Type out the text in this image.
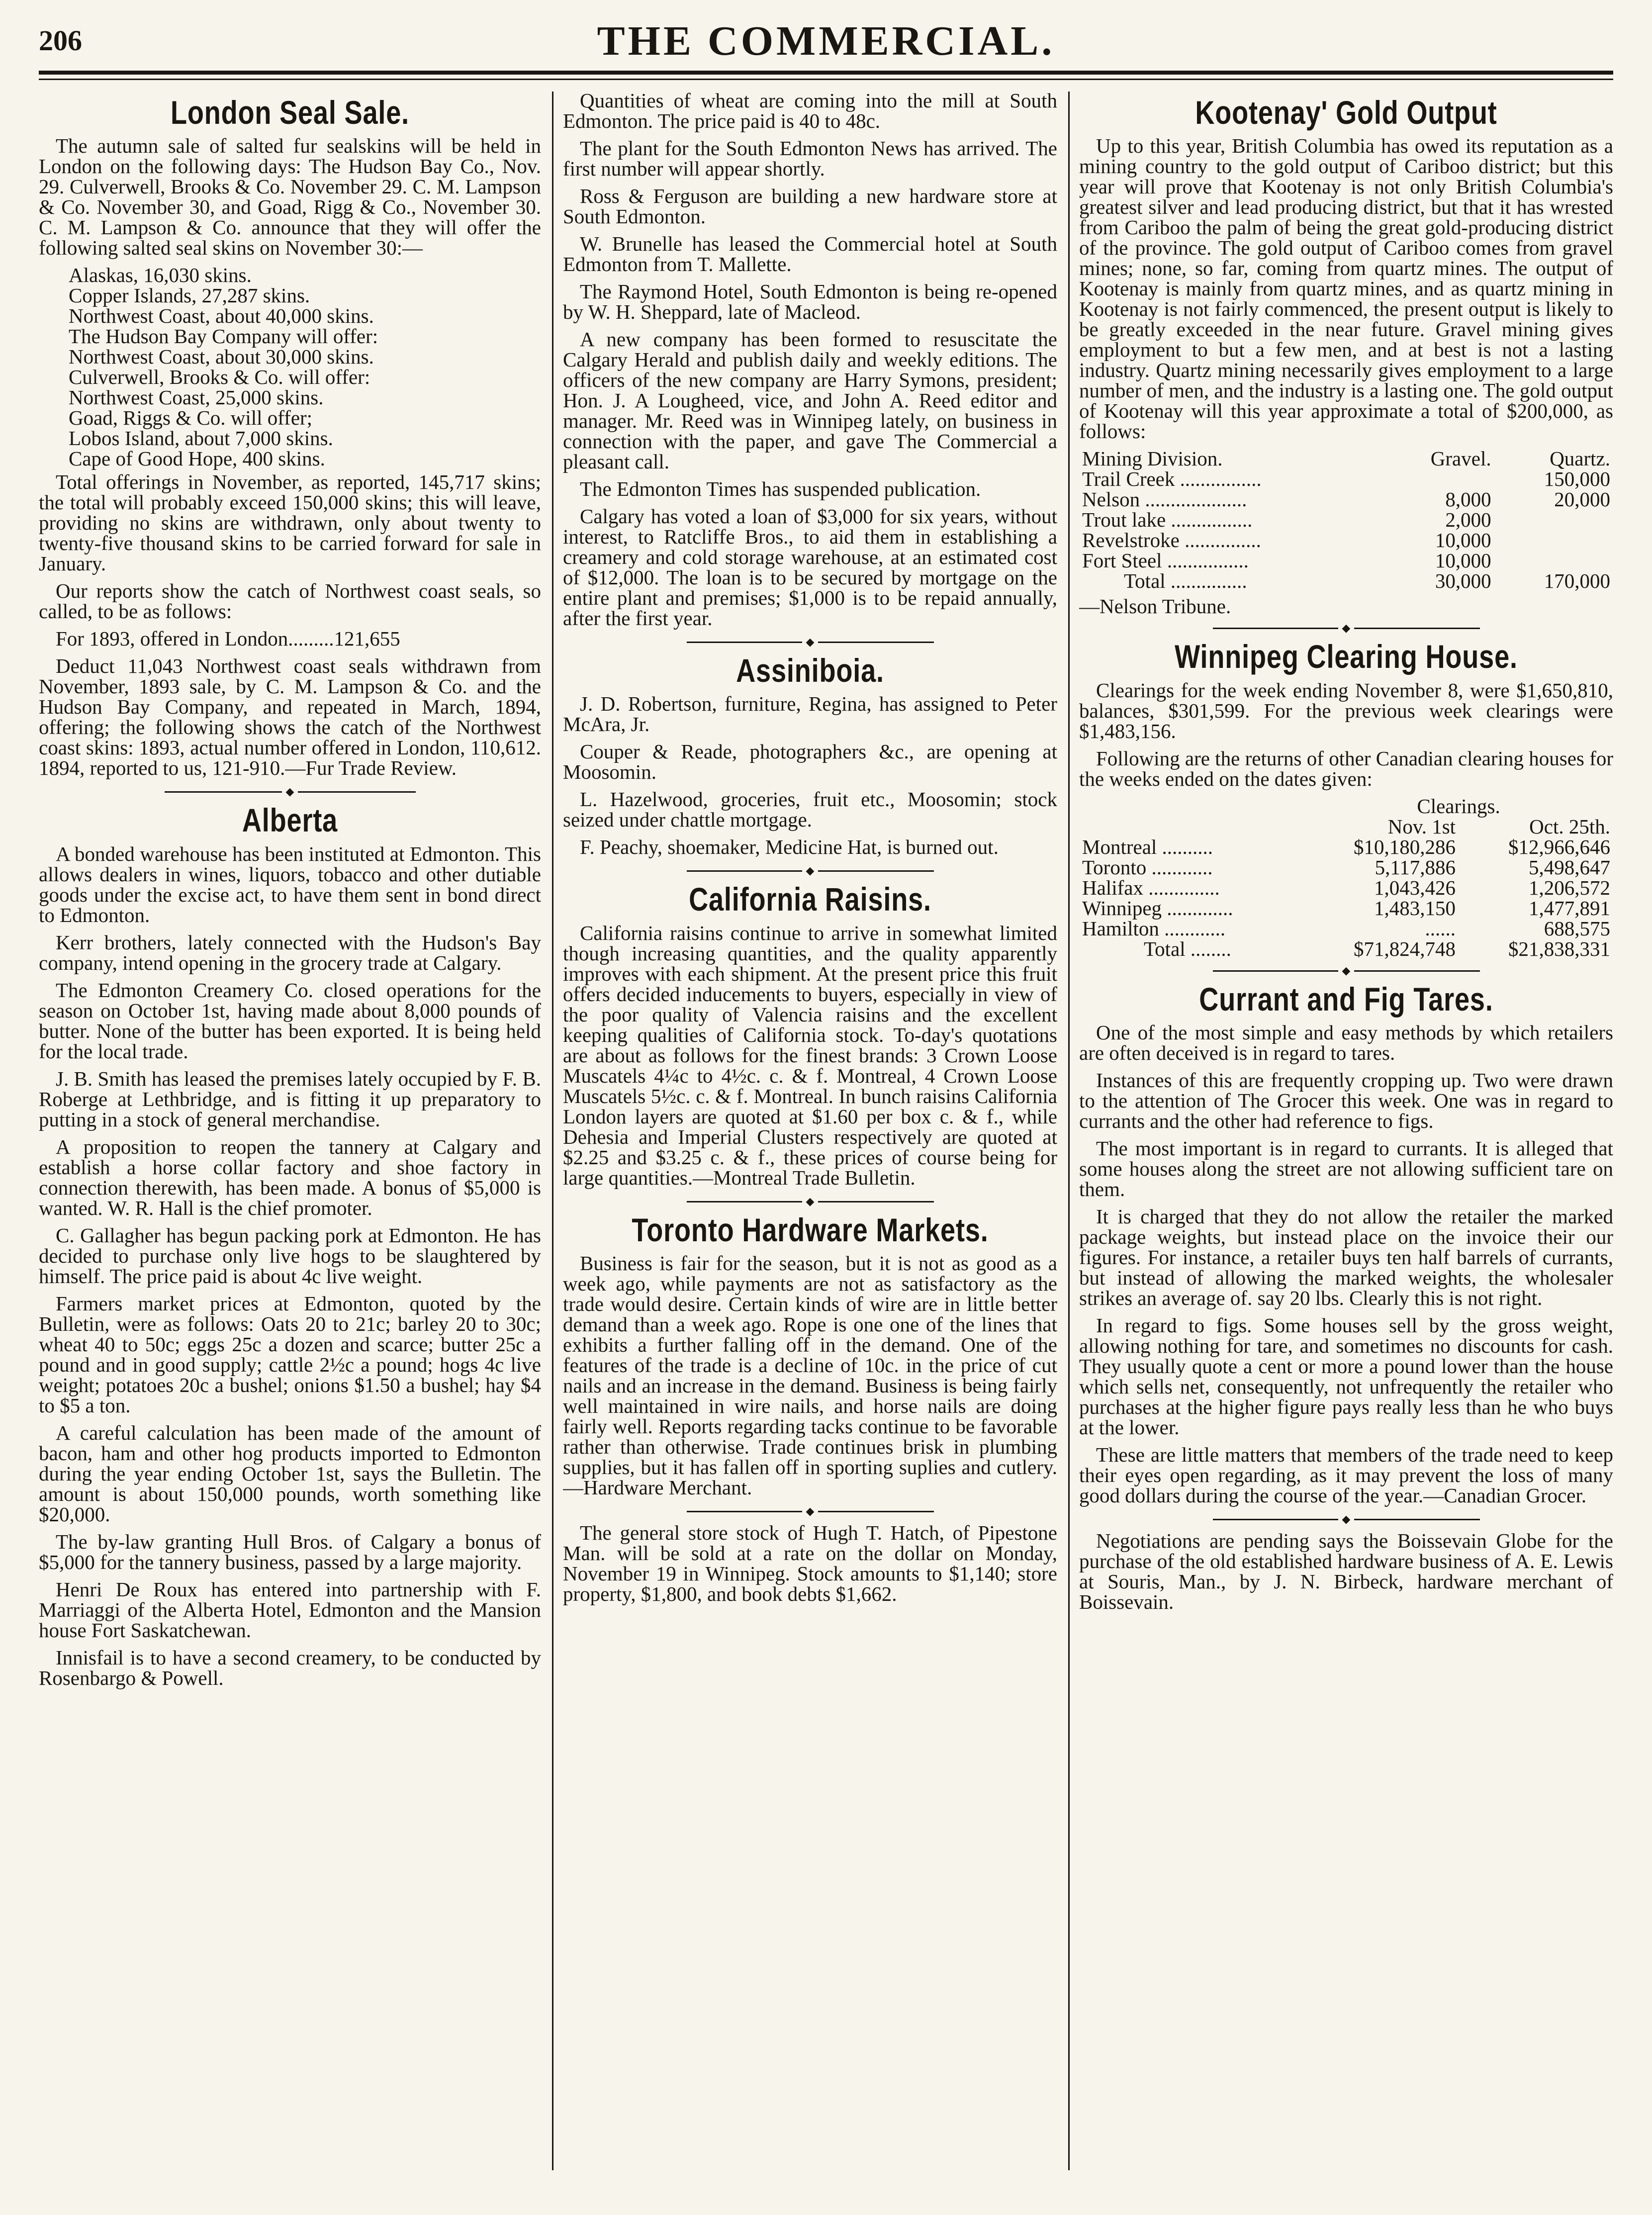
206	THE COMMERCIAL.
London Seal Sale.

The autumn sale of salted fur sealskins will be held in London on the following days: The Hudson Bay Co., Nov. 29. Culverwell, Brooks & Co. November 29. C. M. Lampson & Co. November 30, and Goad, Rigg & Co., November 30. C. M. Lampson & Co. announce that they will offer the following salted seal skins on November 30:—

Alaskas, 16,030 skins.
Copper Islands, 27,287 skins.
Northwest Coast, about 40,000 skins.
The Hudson Bay Company will offer:
Northwest Coast, about 30,000 skins.
Culverwell, Brooks & Co. will offer:
Northwest Coast, 25,000 skins.
Goad, Riggs & Co. will offer;
Lobos Island, about 7,000 skins.
Cape of Good Hope, 400 skins.

Total offerings in November, as reported, 145,717 skins; the total will probably exceed 150,000 skins; this will leave, providing no skins are withdrawn, only about twenty to twenty-five thousand skins to be carried forward for sale in January.

Our reports show the catch of Northwest coast seals, so called, to be as follows:

For 1893, offered in London.........121,655

Deduct 11,043 Northwest coast seals withdrawn from November, 1893 sale, by C. M. Lampson & Co. and the Hudson Bay Company, and repeated in March, 1894, offering; the following shows the catch of the Northwest coast skins: 1893, actual number offered in London, 110,612. 1894, reported to us, 121-910.—Fur Trade Review.

◆
Alberta

A bonded warehouse has been instituted at Edmonton. This allows dealers in wines, liquors, tobacco and other dutiable goods under the excise act, to have them sent in bond direct to Edmonton.

Kerr brothers, lately connected with the Hudson's Bay company, intend opening in the grocery trade at Calgary.

The Edmonton Creamery Co. closed operations for the season on October 1st, having made about 8,000 pounds of butter. None of the butter has been exported. It is being held for the local trade.

J. B. Smith has leased the premises lately occupied by F. B. Roberge at Lethbridge, and is fitting it up preparatory to putting in a stock of general merchandise.

A proposition to reopen the tannery at Calgary and establish a horse collar factory and shoe factory in connection therewith, has been made. A bonus of $5,000 is wanted. W. R. Hall is the chief promoter.

C. Gallagher has begun packing pork at Edmonton. He has decided to purchase only live hogs to be slaughtered by himself. The price paid is about 4c live weight.

Farmers market prices at Edmonton, quoted by the Bulletin, were as follows: Oats 20 to 21c; barley 20 to 30c; wheat 40 to 50c; eggs 25c a dozen and scarce; butter 25c a pound and in good supply; cattle 2½c a pound; hogs 4c live weight; potatoes 20c a bushel; onions $1.50 a bushel; hay $4 to $5 a ton.

A careful calculation has been made of the amount of bacon, ham and other hog products imported to Edmonton during the year ending October 1st, says the Bulletin. The amount is about 150,000 pounds, worth something like $20,000.

The by-law granting Hull Bros. of Calgary a bonus of $5,000 for the tannery business, passed by a large majority.

Henri De Roux has entered into partnership with F. Marriaggi of the Alberta Hotel, Edmonton and the Mansion house Fort Saskatchewan.

Innisfail is to have a second creamery, to be conducted by Rosenbargo & Powell.

Quantities of wheat are coming into the mill at South Edmonton. The price paid is 40 to 48c.

The plant for the South Edmonton News has arrived. The first number will appear shortly.

Ross & Ferguson are building a new hardware store at South Edmonton.

W. Brunelle has leased the Commercial hotel at South Edmonton from T. Mallette.

The Raymond Hotel, South Edmonton is being re-opened by W. H. Sheppard, late of Macleod.

A new company has been formed to resuscitate the Calgary Herald and publish daily and weekly editions. The officers of the new company are Harry Symons, president; Hon. J. A Lougheed, vice, and John A. Reed editor and manager. Mr. Reed was in Winnipeg lately, on business in connection with the paper, and gave The Commercial a pleasant call.

The Edmonton Times has suspended publication.

Calgary has voted a loan of $3,000 for six years, without interest, to Ratcliffe Bros., to aid them in establishing a creamery and cold storage warehouse, at an estimated cost of $12,000. The loan is to be secured by mortgage on the entire plant and premises; $1,000 is to be repaid annually, after the first year.

◆
Assiniboia.

J. D. Robertson, furniture, Regina, has assigned to Peter McAra, Jr.

Couper & Reade, photographers &c., are opening at Moosomin.

L. Hazelwood, groceries, fruit etc., Moosomin; stock seized under chattle mortgage.

F. Peachy, shoemaker, Medicine Hat, is burned out.

◆
California Raisins.

California raisins continue to arrive in somewhat limited though increasing quantities, and the quality apparently improves with each shipment. At the present price this fruit offers decided inducements to buyers, especially in view of the poor quality of Valencia raisins and the excellent keeping qualities of California stock. To-day's quotations are about as follows for the finest brands: 3 Crown Loose Muscatels 4¼c to 4½c. c. & f. Montreal, 4 Crown Loose Muscatels 5½c. c. & f. Montreal. In bunch raisins California London layers are quoted at $1.60 per box c. & f., while Dehesia and Imperial Clusters respectively are quoted at $2.25 and $3.25 c. & f., these prices of course being for large quantities.—Montreal Trade Bulletin.

◆
Toronto Hardware Markets.

Business is fair for the season, but it is not as good as a week ago, while payments are not as satisfactory as the trade would desire. Certain kinds of wire are in little better demand than a week ago. Rope is one one of the lines that exhibits a further falling off in the demand. One of the features of the trade is a decline of 10c. in the price of cut nails and an increase in the demand. Business is being fairly well maintained in wire nails, and horse nails are doing fairly well. Reports regarding tacks continue to be favorable rather than otherwise. Trade continues brisk in plumbing supplies, but it has fallen off in sporting suplies and cutlery.—Hardware Merchant.

◆

The general store stock of Hugh T. Hatch, of Pipestone Man. will be sold at a rate on the dollar on Monday, November 19 in Winnipeg. Stock amounts to $1,140; store property, $1,800, and book debts $1,662.

Kootenay' Gold Output

Up to this year, British Columbia has owed its reputation as a mining country to the gold output of Cariboo district; but this year will prove that Kootenay is not only British Columbia's greatest silver and lead producing district, but that it has wrested from Cariboo the palm of being the great gold-producing district of the province. The gold output of Cariboo comes from gravel mines; none, so far, coming from quartz mines. The output of Kootenay is mainly from quartz mines, and as quartz mining in Kootenay is not fairly commenced, the present output is likely to be greatly exceeded in the near future. Gravel mining gives employment to but a few men, and at best is not a lasting industry. Quartz mining necessarily gives employment to a large number of men, and the industry is a lasting one. The gold output of Kootenay will this year approximate a total of $200,000, as follows:

Mining Division.	Gravel.	Quartz.
Trail Creek ................		150,000
Nelson ....................	8,000	20,000
Trout lake ................	2,000	
Revelstroke ...............	10,000	
Fort Steel ................	10,000	
Total ...............	30,000	170,000
—Nelson Tribune.
◆
Winnipeg Clearing House.

Clearings for the week ending November 8, were $1,650,810, balances, $301,599. For the previous week clearings were $1,483,156.

Following are the returns of other Canadian clearing houses for the weeks ended on the dates given:

	Clearings.	
	Nov. 1st	Oct. 25th.
Montreal ..........	$10,180,286	$12,966,646
Toronto ............	5,117,886	5,498,647
Halifax ..............	1,043,426	1,206,572
Winnipeg .............	1,483,150	1,477,891
Hamilton ............	......	688,575
Total ........	$71,824,748	$21,838,331
◆
Currant and Fig Tares.

One of the most simple and easy methods by which retailers are often deceived is in regard to tares.

Instances of this are frequently cropping up. Two were drawn to the attention of The Grocer this week. One was in regard to currants and the other had reference to figs.

The most important is in regard to currants. It is alleged that some houses along the street are not allowing sufficient tare on them.

It is charged that they do not allow the retailer the marked package weights, but instead place on the invoice their our figures. For instance, a retailer buys ten half barrels of currants, but instead of allowing the marked weights, the wholesaler strikes an average of. say 20 lbs. Clearly this is not right.

In regard to figs. Some houses sell by the gross weight, allowing nothing for tare, and sometimes no discounts for cash. They usually quote a cent or more a pound lower than the house which sells net, consequently, not unfrequently the retailer who purchases at the higher figure pays really less than he who buys at the lower.

These are little matters that members of the trade need to keep their eyes open regarding, as it may prevent the loss of many good dollars during the course of the year.—Canadian Grocer.

◆

Negotiations are pending says the Boissevain Globe for the purchase of the old established hardware business of A. E. Lewis at Souris, Man., by J. N. Birbeck, hardware merchant of Boissevain.
